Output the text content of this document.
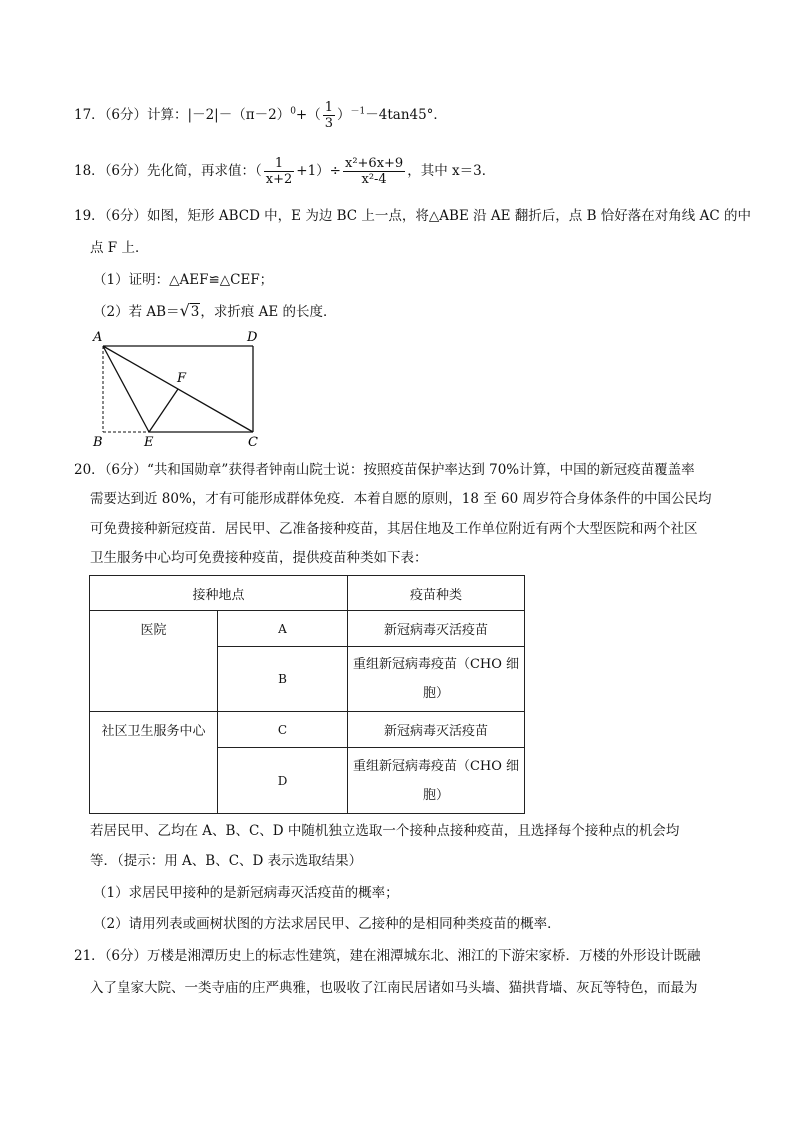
17．（6分）计算：$|-2|-(\pi-2)^0+( \frac{1}{3} )^{-1}-4\tan 45^\circ$．
18．（6分）先化简，再求值：（ $\frac{1}{x+2} +1)\div \frac{\text{x²+6x+9}}{\text{x²-4}}$ ，其中 x＝3．
19．（6分）如图，矩形 ABCD 中，E 为边 BC 上一点，将△ABE 沿 AE 翻折后，点 B 恰好落在对角线 AC 的中
点 F 上．
（1）证明：△AEF≌△CEF；
（2）若 AB＝√3，求折痕 AE 的长度．
A	D
B	E	C
F
20．（6分）“共和国勋章”获得者钟南山院士说：按照疫苗保护率达到 70%计算，中国的新冠疫苗覆盖率
需要达到近 80%，才有可能形成群体免疫．本着自愿的原则，18 至 60 周岁符合身体条件的中国公民均
可免费接种新冠疫苗．居民甲、乙准备接种疫苗，其居住地及工作单位附近有两个大型医院和两个社区
卫生服务中心均可免费接种疫苗，提供疫苗种类如下表：
接种地点		疫苗种类
医院	A	新冠病毒灭活疫苗
	B	重组新冠病毒疫苗（CHO 细
胞）
社区卫生服务中心	C	新冠病毒灭活疫苗
	D	重组新冠病毒疫苗（CHO 细
胞）
若居民甲、乙均在 A、B、C、D 中随机独立选取一个接种点接种疫苗，且选择每个接种点的机会均
等．（提示：用 A、B、C、D 表示选取结果）
（1）求居民甲接种的是新冠病毒灭活疫苗的概率；
（2）请用列表或画树状图的方法求居民甲、乙接种的是相同种类疫苗的概率．
21．（6分）万楼是湘潭历史上的标志性建筑，建在湘潭城东北、湘江的下游宋家桥．万楼的外形设计既融
入了皇家大院、一类寺庙的庄严典雅，也吸收了江南民居诸如马头墙、猫拱背墙、灰瓦等特色，而最为
